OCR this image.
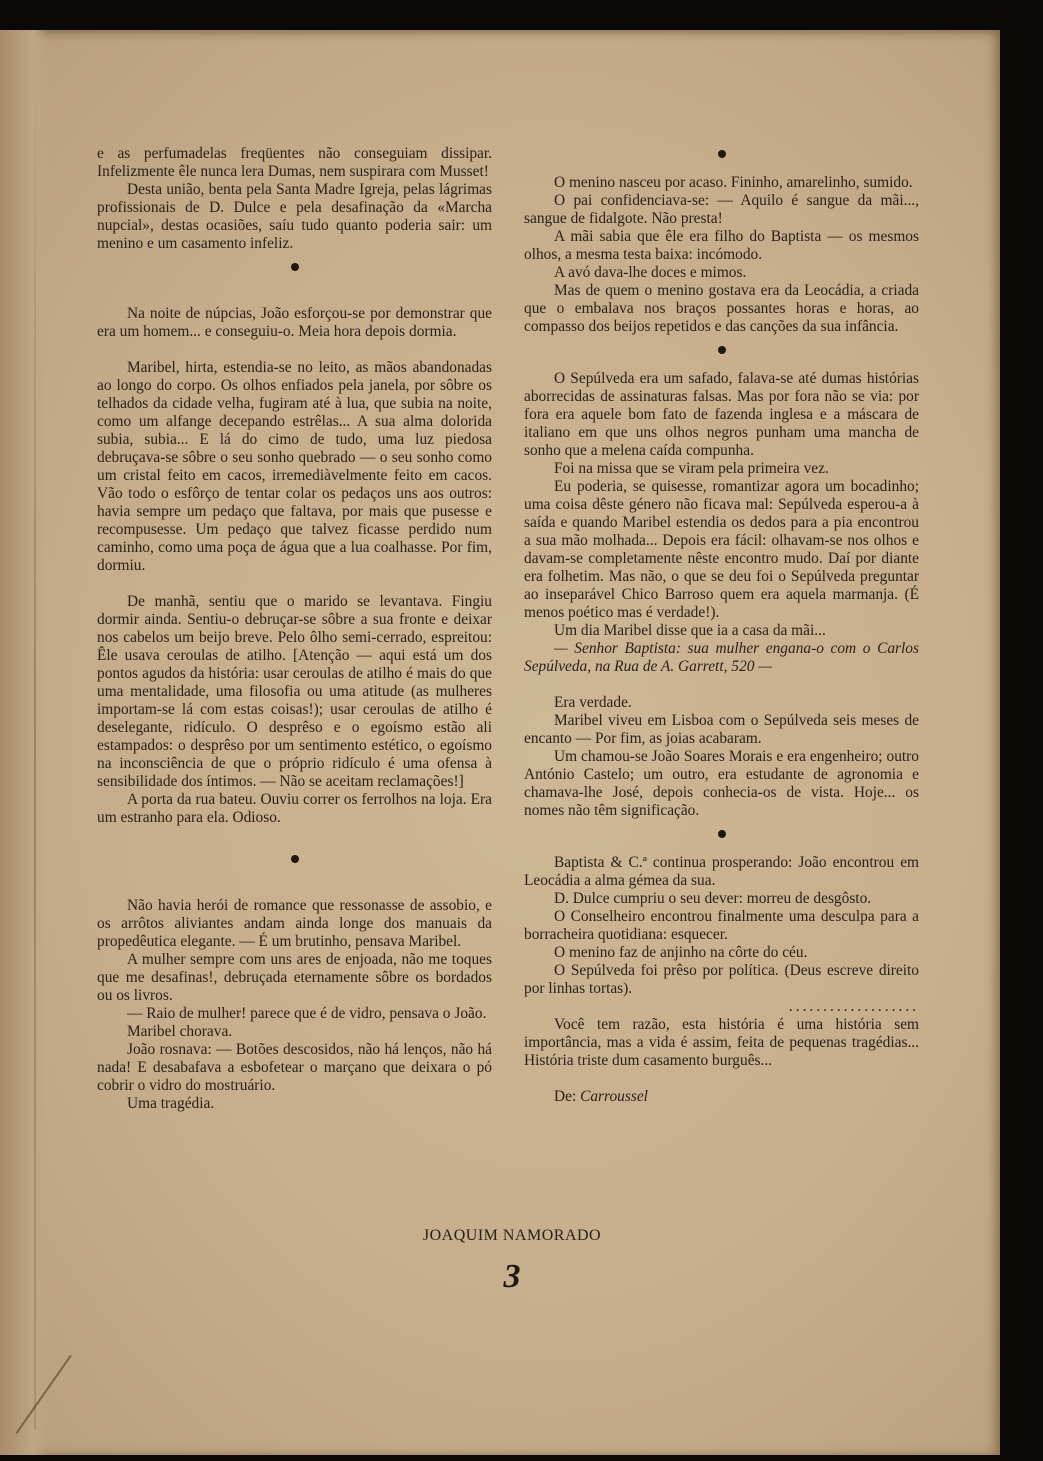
e as perfumadelas freqüentes não conseguiam dissipar. Infelizmente êle nunca lera Dumas, nem suspirara com Musset!

Desta união, benta pela Santa Madre Igreja, pelas lágrimas profissionais de D. Dulce e pela desafinação da «Marcha nupcial», destas ocasiões, saíu tudo quanto poderia sair: um menino e um casamento infeliz.

Na noite de núpcias, João esforçou-se por demonstrar que era um homem... e conseguiu-o. Meia hora depois dormia.

Maribel, hirta, estendia-se no leito, as mãos abandonadas ao longo do corpo. Os olhos enfiados pela janela, por sôbre os telhados da cidade velha, fugiram até à lua, que subia na noite, como um alfange decepando estrêlas... A sua alma dolorida subia, subia... E lá do cimo de tudo, uma luz piedosa debruçava-se sôbre o seu sonho quebrado — o seu sonho como um cristal feito em cacos, irremediàvelmente feito em cacos. Vão todo o esfôrço de tentar colar os pedaços uns aos outros: havia sempre um pedaço que faltava, por mais que pusesse e recompusesse. Um pedaço que talvez ficasse perdido num caminho, como uma poça de água que a lua coalhasse. Por fim, dormiu.

De manhã, sentiu que o marido se levantava. Fingiu dormir ainda. Sentiu-o debruçar-se sôbre a sua fronte e deixar nos cabelos um beijo breve. Pelo ôlho semi-cerrado, espreitou: Êle usava ceroulas de atilho. [Atenção — aqui está um dos pontos agudos da história: usar ceroulas de atilho é mais do que uma mentalidade, uma filosofia ou uma atitude (as mulheres importam-se lá com estas coisas!); usar ceroulas de atilho é deselegante, ridículo. O desprêso e o egoísmo estão ali estampados: o desprêso por um sentimento estético, o egoísmo na inconsciência de que o próprio ridículo é uma ofensa à sensibilidade dos íntimos. — Não se aceitam reclamações!]

A porta da rua bateu. Ouviu correr os ferrolhos na loja. Era um estranho para ela. Odioso.

Não havia herói de romance que ressonasse de assobio, e os arrôtos aliviantes andam ainda longe dos manuais da propedêutica elegante. — É um brutinho, pensava Maribel.

A mulher sempre com uns ares de enjoada, não me toques que me desafinas!, debruçada eternamente sôbre os bordados ou os livros.

— Raio de mulher! parece que é de vidro, pensava o João.

Maribel chorava.

João rosnava: — Botões descosidos, não há lenços, não há nada! E desabafava a esbofetear o marçano que deixara o pó cobrir o vidro do mostruário.

Uma tragédia.

O menino nasceu por acaso. Fininho, amarelinho, sumido.

O pai confidenciava-se: — Aquilo é sangue da mãi..., sangue de fidalgote. Não presta!

A mãi sabia que êle era filho do Baptista — os mesmos olhos, a mesma testa baixa: incómodo.

A avó dava-lhe doces e mimos.

Mas de quem o menino gostava era da Leocádia, a criada que o embalava nos braços possantes horas e horas, ao compasso dos beijos repetidos e das canções da sua infância.

O Sepúlveda era um safado, falava-se até dumas histórias aborrecidas de assinaturas falsas. Mas por fora não se via: por fora era aquele bom fato de fazenda inglesa e a máscara de italiano em que uns olhos negros punham uma mancha de sonho que a melena caída compunha.

Foi na missa que se viram pela primeira vez.

Eu poderia, se quisesse, romantizar agora um bocadinho; uma coisa dêste género não ficava mal: Sepúlveda esperou-a à saída e quando Maribel estendia os dedos para a pia encontrou a sua mão molhada... Depois era fácil: olhavam-se nos olhos e davam-se completamente nêste encontro mudo. Daí por diante era folhetim. Mas não, o que se deu foi o Sepúlveda preguntar ao inseparável Chico Barroso quem era aquela marmanja. (É menos poético mas é verdade!).

Um dia Maribel disse que ia a casa da mãi...

— Senhor Baptista: sua mulher engana-o com o Carlos Sepúlveda, na Rua de A. Garrett, 520 —

Era verdade.

Maribel viveu em Lisboa com o Sepúlveda seis meses de encanto — Por fim, as joias acabaram.

Um chamou-se João Soares Morais e era engenheiro; outro António Castelo; um outro, era estudante de agronomia e chamava-lhe José, depois conhecia-os de vista. Hoje... os nomes não têm significação.

Baptista & C.ª continua prosperando: João encontrou em Leocádia a alma gémea da sua.

D. Dulce cumpriu o seu dever: morreu de desgôsto.

O Conselheiro encontrou finalmente uma desculpa para a borracheira quotidiana: esquecer.

O menino faz de anjinho na côrte do céu.

O Sepúlveda foi prêso por política. (Deus escreve direito por linhas tortas).

...................

Você tem razão, esta história é uma história sem importância, mas a vida é assim, feita de pequenas tragédias... História triste dum casamento burguês...

De: Carroussel

JOAQUIM NAMORADO
3
